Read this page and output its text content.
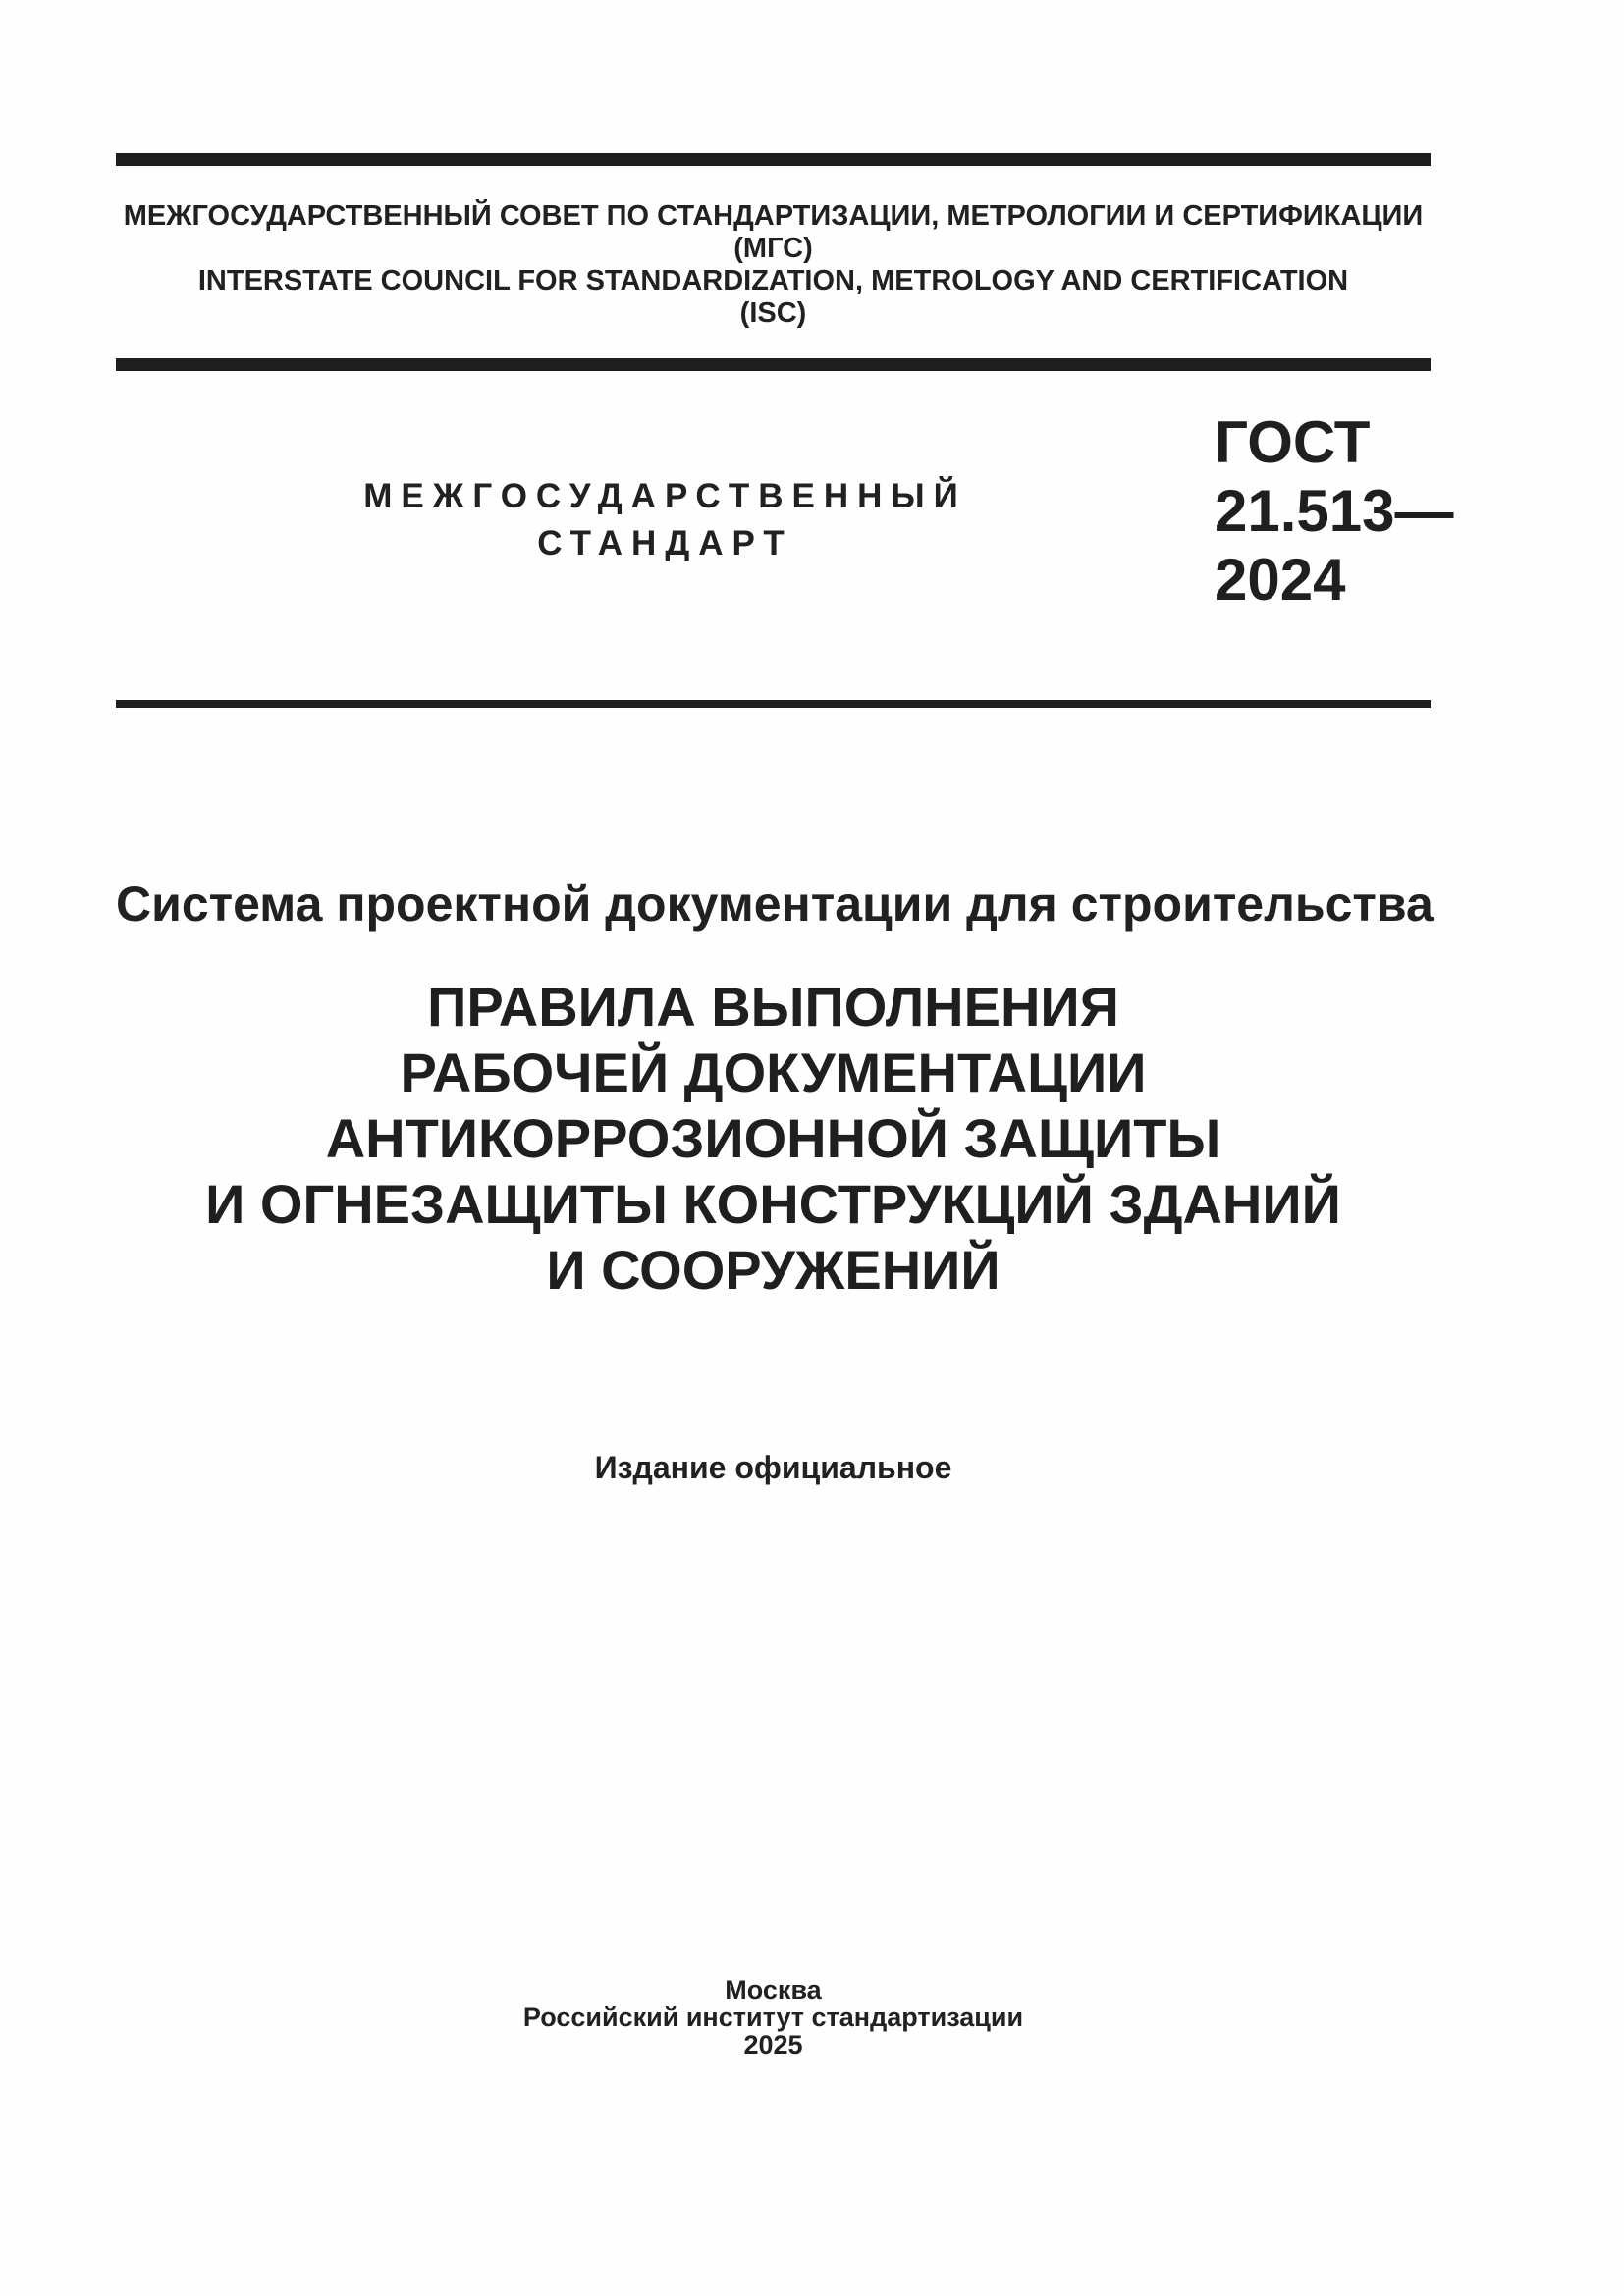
МЕЖГОСУДАРСТВЕННЫЙ СОВЕТ ПО СТАНДАРТИЗАЦИИ, МЕТРОЛОГИИ И СЕРТИФИКАЦИИ
(МГС)
INTERSTATE COUNCIL FOR STANDARDIZATION, METROLOGY AND CERTIFICATION
(ISC)
МЕЖГОСУДАРСТВЕННЫЙ
СТАНДАРТ
ГОСТ
21.513—
2024
Система проектной документации для строительства
ПРАВИЛА ВЫПОЛНЕНИЯ
РАБОЧЕЙ ДОКУМЕНТАЦИИ
АНТИКОРРОЗИОННОЙ ЗАЩИТЫ
И ОГНЕЗАЩИТЫ КОНСТРУКЦИЙ ЗДАНИЙ
И СООРУЖЕНИЙ
Издание официальное
Москва
Российский институт стандартизации
2025
